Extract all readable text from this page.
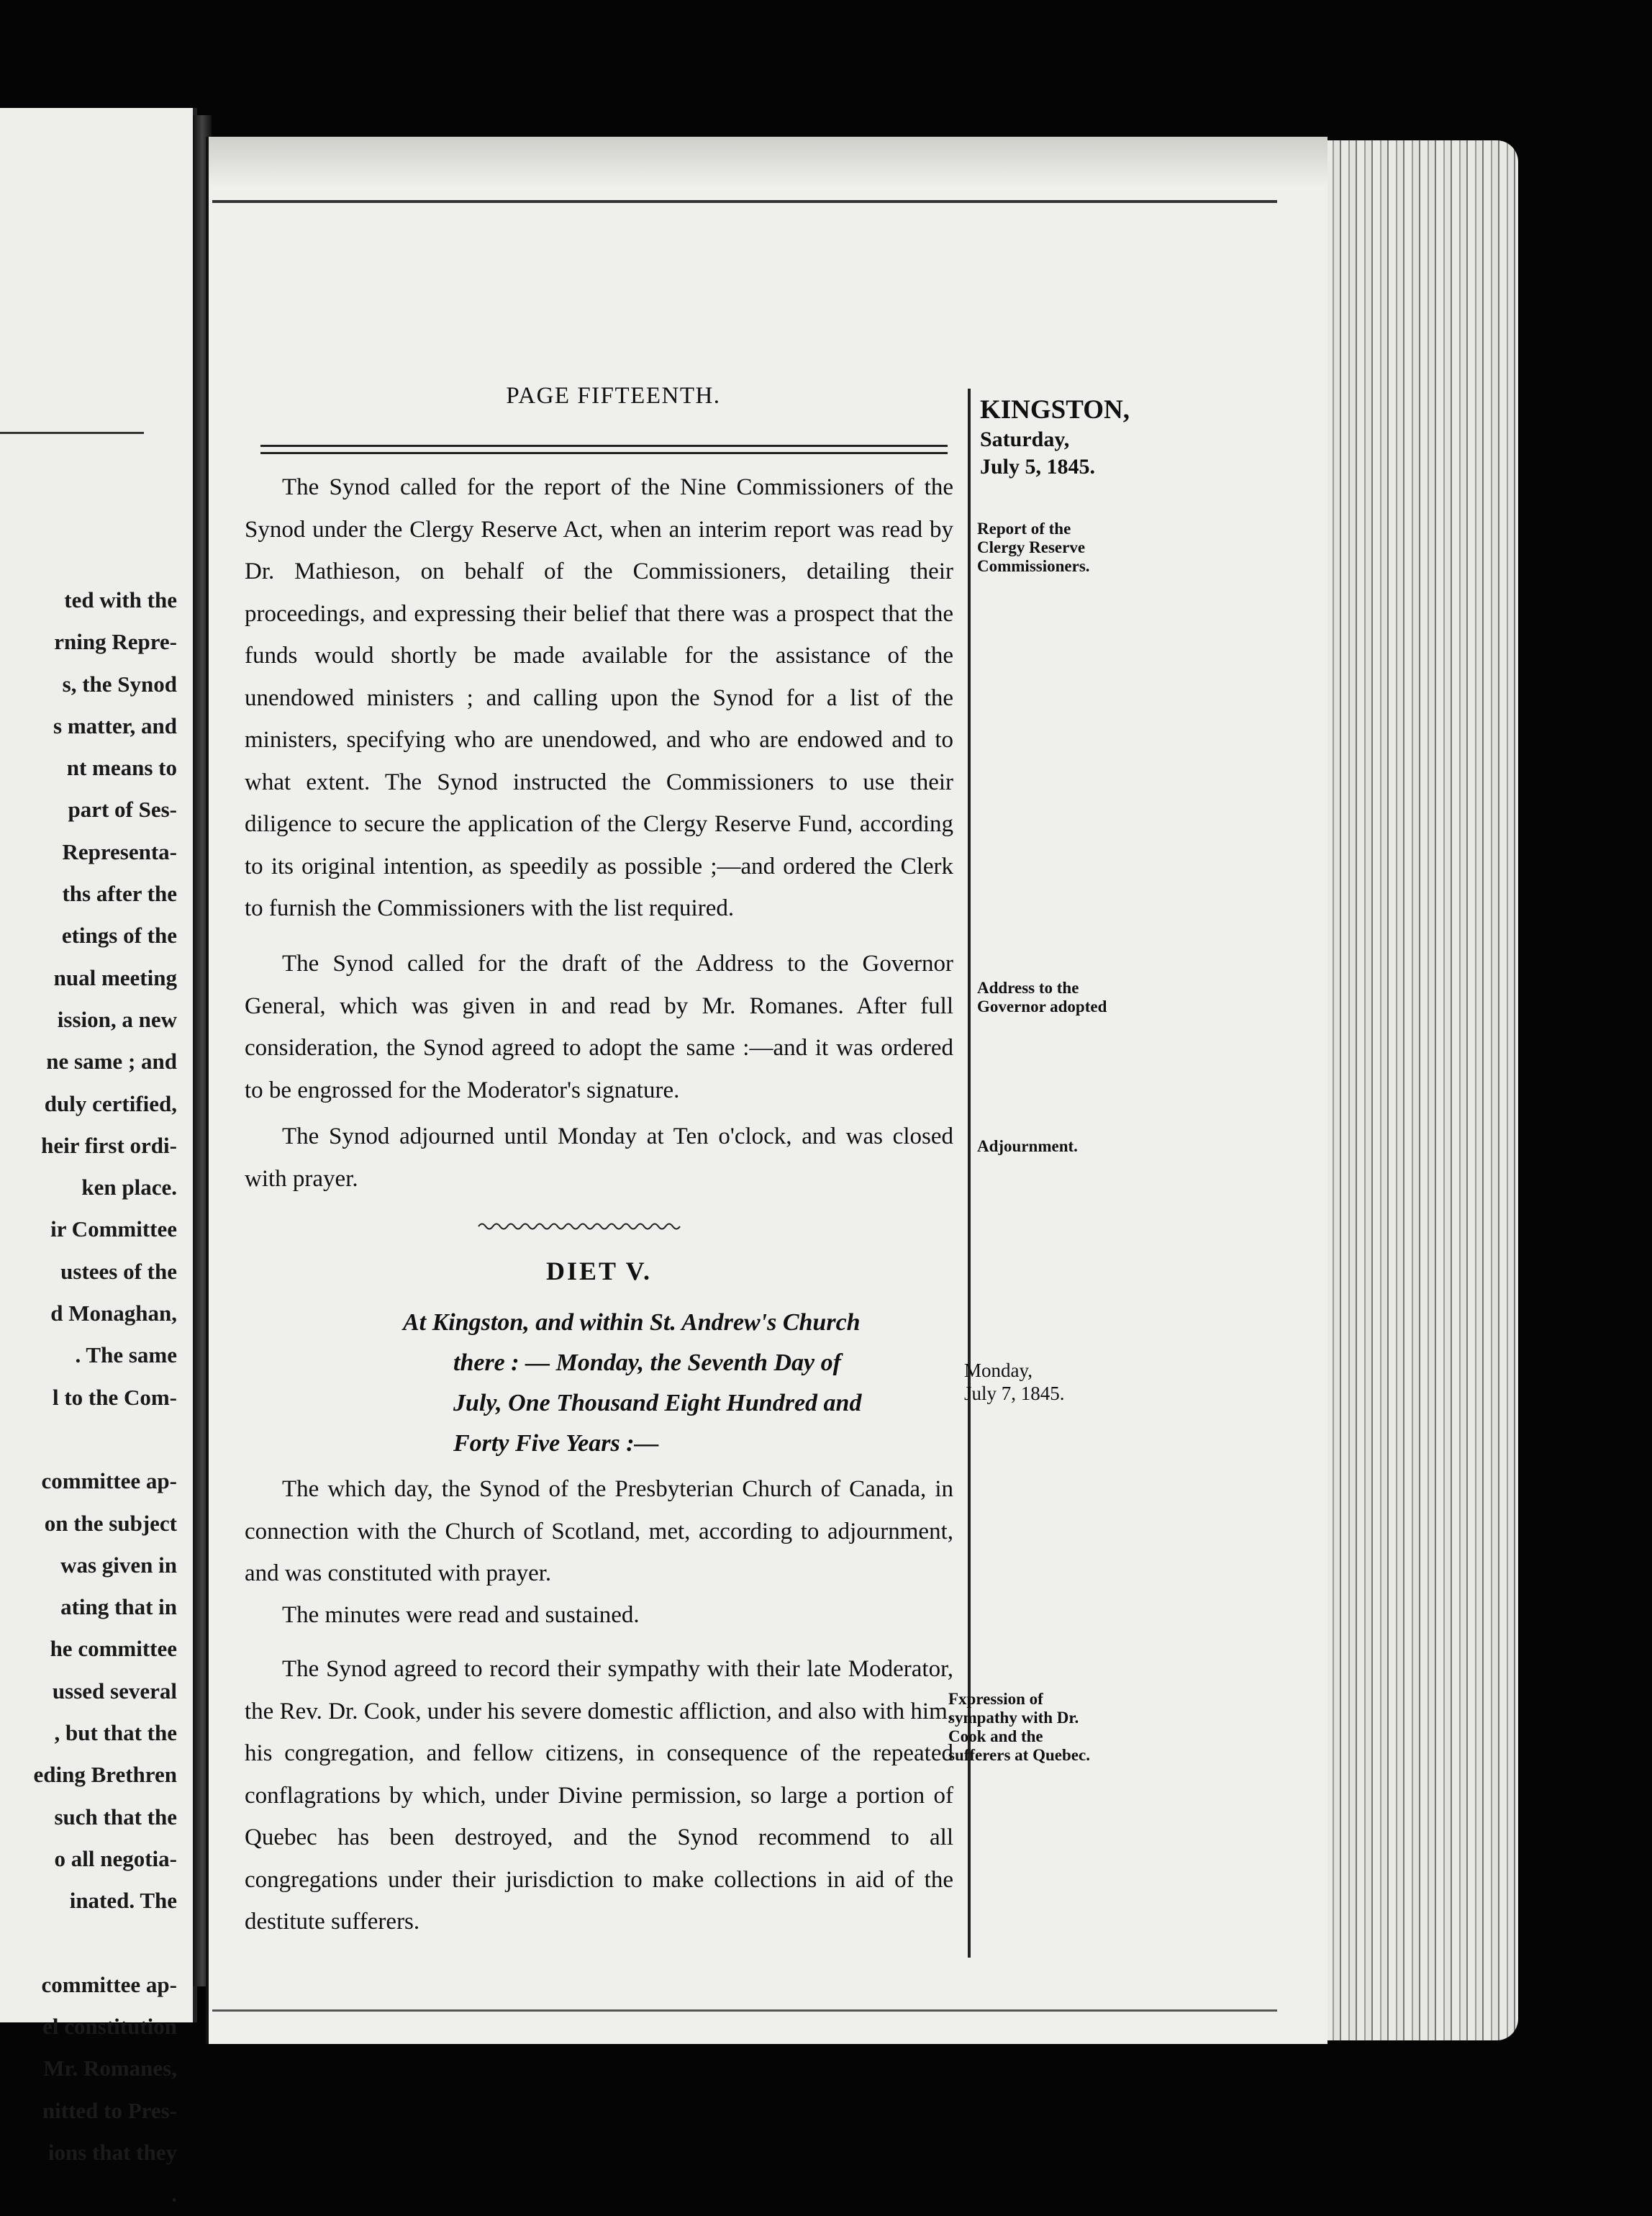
ted with the
rning Repre-
s, the Synod
s matter, and
nt means to
part of Ses-
Representa-
ths after the
etings of the
nual meeting
ission, a new
ne same ; and
duly certified,
heir first ordi-
ken place.
ir Committee
ustees of the
d Monaghan,
. The same
l to the Com-

committee ap-
on the subject
was given in
ating that in
he committee
ussed several
, but that the
eding Brethren
such that the
o all negotia-
inated. The

committee ap-
el constitution
Mr. Romanes,
nitted to Pres-
ions that they
.
PAGE FIFTEENTH.

The Synod called for the report of the Nine Commissioners of the Synod under the Clergy Reserve Act, when an interim report was read by Dr. Mathieson, on behalf of the Commissioners, detailing their proceedings, and expressing their belief that there was a prospect that the funds would shortly be made available for the assistance of the unendowed ministers ; and calling upon the Synod for a list of the ministers, specifying who are unendowed, and who are endowed and to what extent. The Synod instructed the Commissioners to use their diligence to secure the application of the Clergy Reserve Fund, according to its original intention, as speedily as possible ;—and ordered the Clerk to furnish the Commissioners with the list required.

The Synod called for the draft of the Address to the Governor General, which was given in and read by Mr. Romanes. After full consideration, the Synod agreed to adopt the same :—and it was ordered to be engrossed for the Moderator's signature.

The Synod adjourned until Monday at Ten o'clock, and was closed with prayer.

DIET V.
At Kingston, and within St. Andrew's Church
there : — Monday, the Seventh Day of
July, One Thousand Eight Hundred and
Forty Five Years :—

The which day, the Synod of the Presbyterian Church of Canada, in connection with the Church of Scotland, met, according to adjournment, and was constituted with prayer.

The minutes were read and sustained.

The Synod agreed to record their sympathy with their late Moderator, the Rev. Dr. Cook, under his severe domestic affliction, and also with him, his congregation, and fellow citizens, in consequence of the repeated conflagrations by which, under Divine permission, so large a portion of Quebec has been destroyed, and the Synod recommend to all congregations under their jurisdiction to make collections in aid of the destitute sufferers.

KINGSTON,
Saturday,
July 5, 1845.
Report of the Clergy Reserve Commissioners.
Address to the Governor adopted
Adjournment.
Monday,
July 7, 1845.
Fxpression of sympathy with Dr. Cook and the sufferers at Quebec.
